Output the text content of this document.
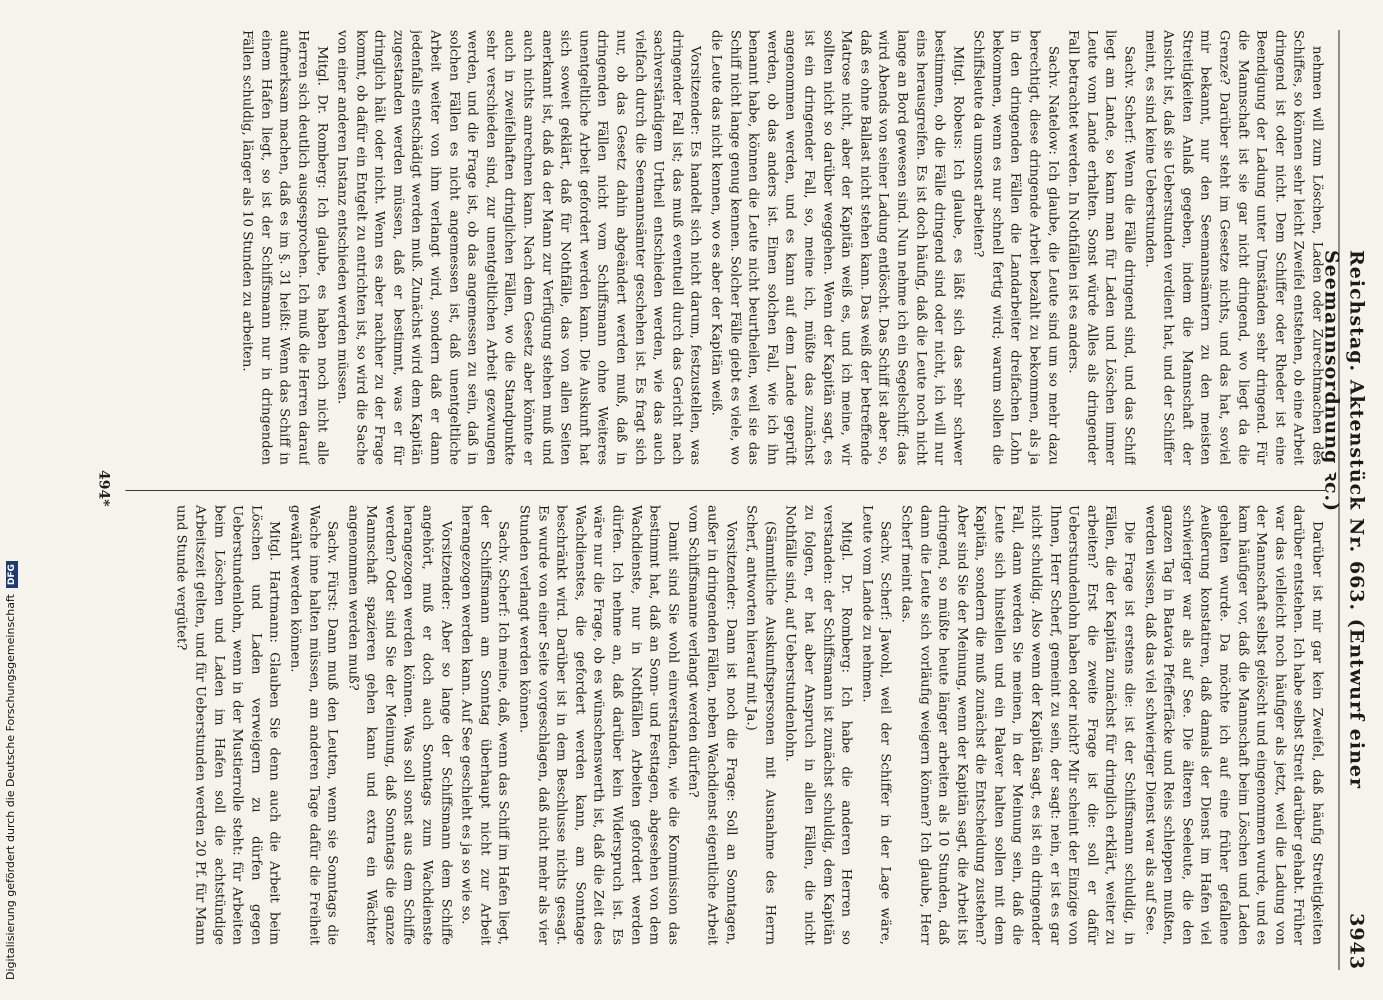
Reichstag. Aktenstück Nr. 663. (Entwurf einer Seemannsordnung ꝛc.)
3943

nehmen will zum Löschen, Laden oder Zurechtmachen des Schiffes, so können sehr leicht Zweifel entstehen, ob eine Arbeit dringend ist oder nicht. Dem Schiffer oder Rheder ist eine Beendigung der Ladung unter Umständen sehr dringend. Für die Mannschaft ist sie gar nicht dringend, wo liegt da die Grenze? Darüber steht im Gesetze nichts, und das hat, soviel mir bekannt, nur den Seemannsämtern zu den meisten Streitigkeiten Anlaß gegeben, indem die Mannschaft der Ansicht ist, daß sie Ueberstunden verdient hat, und der Schiffer meint, es sind keine Ueberstunden.

Sachv. Scherf: Wenn die Fälle dringend sind, und das Schiff liegt am Lande, so kann man für Laden und Löschen immer Leute vom Lande erhalten. Sonst würde Alles als dringender Fall betrachtet werden. In Nothfällen ist es anders.

Sachv. Natelow: Ich glaube, die Leute sind um so mehr dazu berechtigt, diese dringende Arbeit bezahlt zu bekommen, als ja in den dringenden Fällen die Landarbeiter dreifachen Lohn bekommen, wenn es nur schnell fertig wird; warum sollen die Schiffsleute da umsonst arbeiten?

Mitgl. Robeus: Ich glaube, es läßt sich das sehr schwer bestimmen, ob die Fälle dringend sind oder nicht, ich will nur eins herausgreifen. Es ist doch häufig, daß die Leute noch nicht lange an Bord gewesen sind. Nun nehme ich ein Segelschiff; das wird Abends von seiner Ladung entlöscht. Das Schiff ist aber so, daß es ohne Ballast nicht stehen kann. Das weiß der betreffende Matrose nicht, aber der Kapitän weiß es, und ich meine, wir sollten nicht so darüber weggehen. Wenn der Kapitän sagt, es ist ein dringender Fall, so, meine ich, müßte das zunächst angenommen werden, und es kann auf dem Lande geprüft werden, ob das anders ist. Einen solchen Fall, wie ich ihn benannt habe, können die Leute nicht beurtheilen, weil sie das Schiff nicht lange genug kennen. Solcher Fälle giebt es viele, wo die Leute das nicht kennen, wo es aber der Kapitän weiß.

Vorsitzender: Es handelt sich nicht darum, festzustellen, was dringender Fall ist; das muß eventuell durch das Gericht nach sachverständigem Urtheil entschieden werden, wie das auch vielfach durch die Seemannsämter geschehen ist. Es fragt sich nur, ob das Gesetz dahin abgeändert werden muß, daß in dringenden Fällen nicht vom Schiffsmann ohne Weiteres unentgeltliche Arbeit gefordert werden kann. Die Auskunft hat sich soweit geklärt, daß für Nothfälle, das von allen Seiten anerkannt ist, daß da der Mann zur Verfügung stehen muß und auch nichts anrechnen kann. Nach dem Gesetz aber könnte er auch in zweifelhaften dringlichen Fällen, wo die Standpunkte sehr verschieden sind, zur unentgeltlichen Arbeit gezwungen werden, und die Frage ist, ob das angemessen zu sein, daß in solchen Fällen es nicht angemessen ist, daß unentgeltliche Arbeit weiter von ihm verlangt wird, sondern daß er dann jedenfalls entschädigt werden muß. Zunächst wird dem Kapitän zugestanden werden müssen, daß er bestimmt, was er für dringlich hält oder nicht. Wenn es aber nachher zu der Frage kommt, ob dafür ein Entgelt zu entrichten ist, so wird die Sache von einer anderen Instanz entschieden werden müssen.

Mitgl. Dr. Romberg: Ich glaube, es haben noch nicht alle Herren sich deutlich ausgesprochen. Ich muß die Herren darauf aufmerksam machen, daß es im §. 31 heißt: Wenn das Schiff in einem Hafen liegt, so ist der Schiffsmann nur in dringenden Fällen schuldig, länger als 10 Stunden zu arbeiten.

Darüber ist mir gar kein Zweifel, daß häufig Streitigkeiten darüber entstehen. Ich habe selbst Streit darüber gehabt. Früher war das vielleicht noch häufiger als jetzt, weil die Ladung von der Mannschaft selbst gelöscht und eingenommen wurde, und es kam häufiger vor, daß die Mannschaft beim Löschen und Laden gehalten wurde. Da möchte ich auf eine früher gefallene Aeußerung konstatiren, daß damals der Dienst im Hafen viel schwieriger war als auf See. Die älteren Seeleute, die den ganzen Tag in Batavia Pfefferfäcke und Reis schleppen mußten, werden wissen, daß das viel schwieriger Dienst war als auf See.

Die Frage ist erstens die: ist der Schiffsmann schuldig, in Fällen, die der Kapitän zunächst für dringlich erklärt, weiter zu arbeiten? Erst die zweite Frage ist die: soll er dafür Ueberstundenlohn haben oder nicht? Mir scheint der Einzige von Ihnen, Herr Scherf, gemeint zu sein, der sagt: nein, er ist es gar nicht schuldig. Also wenn der Kapitän sagt, es ist ein dringender Fall, dann werden Sie meinen, in der Meinung sein, daß die Leute sich hinstellen und ein Palaver halten sollen mit dem Kapitän, sondern die muß zunächst die Entscheidung zustehen? Aber sind Sie der Meinung, wenn der Kapitän sagt, die Arbeit ist dringend, so müßte heute länger arbeiten als 10 Stunden, daß dann die Leute sich vorläufig weigern können? Ich glaube, Herr Scherf meint das.

Sachv. Scherf: Jawohl, weil der Schiffer in der Lage wäre, Leute vom Lande zu nehmen.

Mitgl. Dr. Romberg: Ich habe die anderen Herren so verstanden: der Schiffsmann ist zunächst schuldig, dem Kapitän zu folgen, er hat aber Anspruch in allen Fällen, die nicht Nothfälle sind, auf Ueberstundenlohn.

(Sämmtliche Auskunftspersonen mit Ausnahme des Herrn Scherf, antworten hierauf mit Ja.)

Vorsitzender: Dann ist noch die Frage: Soll an Sonntagen, außer in dringenden Fällen, neben Wachdienst eigentliche Arbeit vom Schiffsmanne verlangt werden dürfen?

Damit sind Sie wohl einverstanden, wie die Kommission das bestimmt hat, daß an Sonn- und Festtagen, abgesehen von dem Wachdienste, nur in Nothfällen Arbeiten gefordert werden dürfen. Ich nehme an, daß darüber kein Widerspruch ist. Es wäre nur die Frage, ob es wünschenswerth ist, daß die Zeit des Wachdienstes, die gefordert werden kann, am Sonntage beschränkt wird. Darüber ist in dem Beschlusse nichts gesagt. Es wurde von einer Seite vorgeschlagen, daß nicht mehr als vier Stunden verlangt werden können.

Sachv. Scherf: Ich meine, daß, wenn das Schiff im Hafen liegt, der Schiffsmann am Sonntag überhaupt nicht zur Arbeit herangezogen werden kann. Auf See geschieht es ja so wie so.

Vorsitzender: Aber so lange der Schiffsmann dem Schiffe angehört, muß er doch auch Sonntags zum Wachdienste herangezogen werden können. Was soll sonst aus dem Schiffe werden? Oder sind Sie der Meinung, daß Sonntags die ganze Mannschaft spazieren gehen kann und extra ein Wächter angenommen werden muß?

Sachv. Fürst: Dann muß den Leuten, wenn sie Sonntags die Wache inne halten müssen, am anderen Tage dafür die Freiheit gewährt werden können.

Mitgl. Hartmann: Glauben Sie denn auch die Arbeit beim Löschen und Laden verweigern zu dürfen gegen Ueberstundenlohn, wenn in der Mustierrolle steht: für Arbeiten beim Löschen und Laden im Hafen soll die achtstündige Arbeitszeit gelten, und für Ueberstunden werden 20 Pf. für Mann und Stunde vergütet?

494*
Digitalisierung gefördert durch die Deutsche ForschungsgemeinschaftDFG
